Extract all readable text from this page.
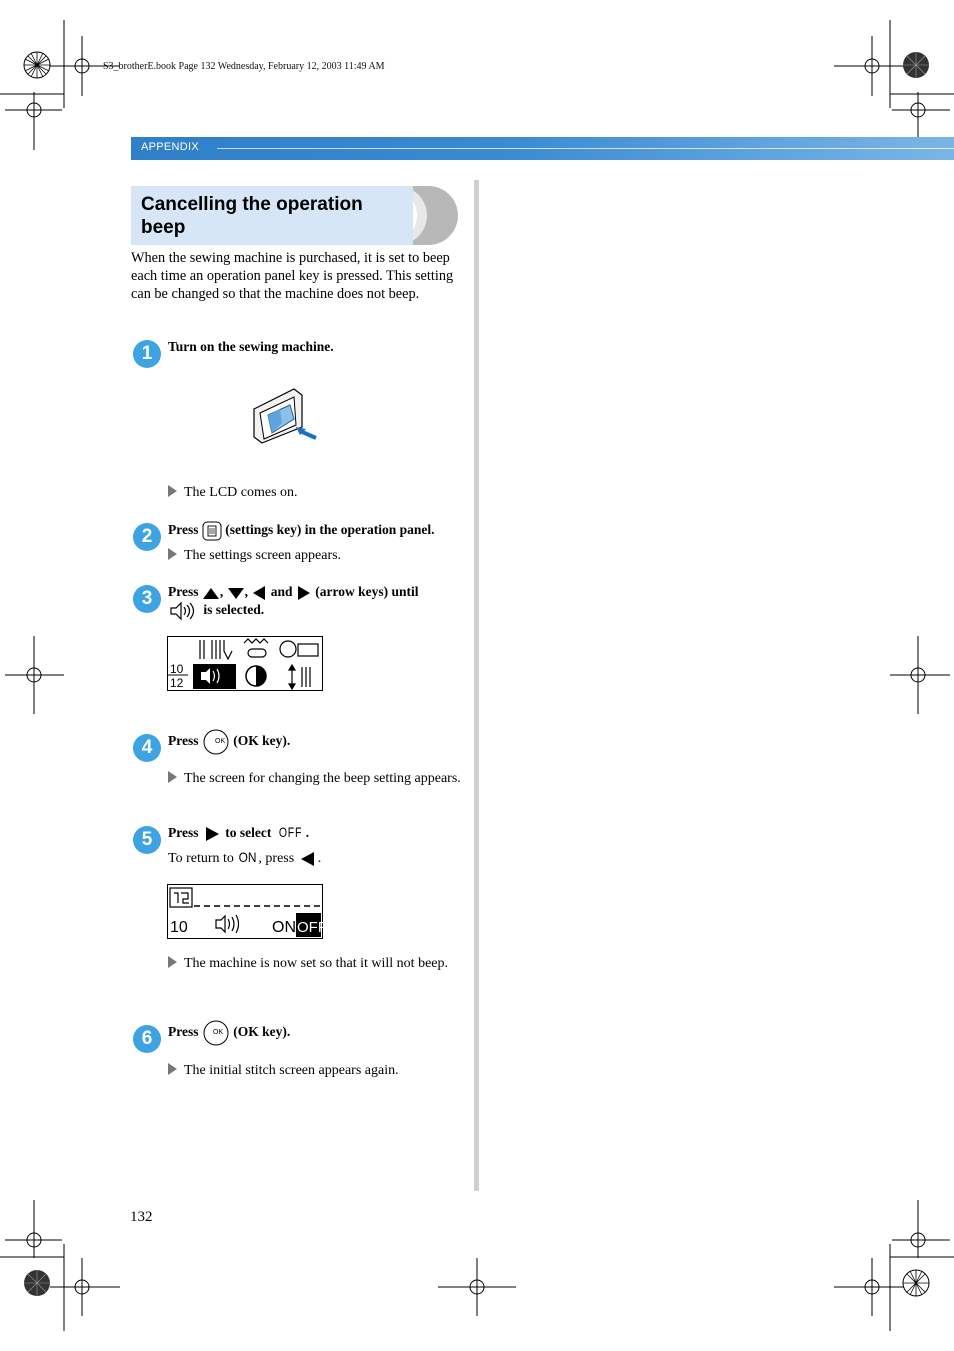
S3_brotherE.book Page 132 Wednesday, February 12, 2003 11:49 AM
APPENDIX
Cancelling the operation beep
When the sewing machine is purchased, it is set to beep each time an operation panel key is pressed. This setting can be changed so that the machine does not beep.
1	Turn on the sewing machine.
The LCD comes on.
2	Press (settings key) in the operation panel.
The settings screen appears.
3	Press , , and (arrow keys) until
is selected.
10
12
4	Press OK (OK key).
The screen for changing the beep setting appears.
5	Press to select OFF .
To return to ON , press .
10	ON OFF
The machine is now set so that it will not beep.
6	Press OK (OK key).
The initial stitch screen appears again.
132
